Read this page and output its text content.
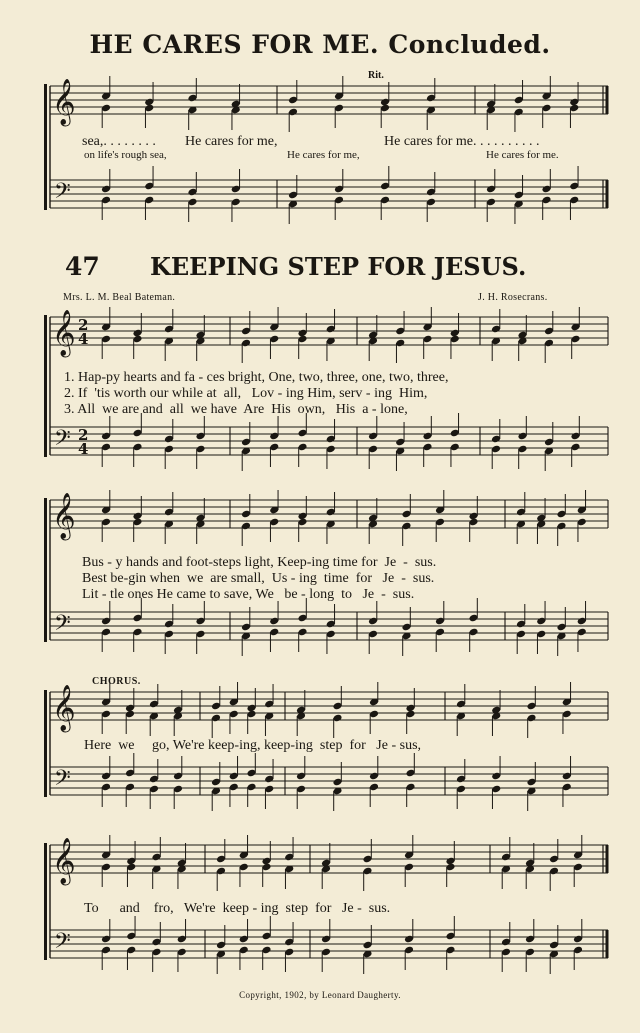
HE CARES FOR ME. Concluded.
47 KEEPING STEP FOR JESUS.
Mrs. L. M. Beal Bateman.	J. H. Rosecrans.
Rit.
sea,. . . . . . . . He cares for me,	He cares for me. . . . . . . . . .
on life's rough sea,	He cares for me,	He cares for me.
1. Hap-py hearts and fa - ces bright, One, two, three, one, two, three,
2. If  'tis worth our while at  all,   Lov - ing Him, serv - ing  Him,
3. All  we are and  all  we have  Are  His  own,   His  a - lone,
Bus - y hands and foot-steps light, Keep-ing time for  Je  -  sus.
Best be-gin when  we  are small,  Us - ing  time  for   Je  -  sus.
Lit - tle ones He came to save, We   be - long  to   Je  -  sus.
CHORUS.
Here  we     go, We're keep-ing, keep-ing  step  for   Je - sus,
To      and    fro,   We're  keep - ing  step  for   Je -  sus.
Copyright, 1902, by Leonard Daugherty.
𝄞
𝄢
𝄞
𝄢
𝄞
𝄢
𝄞
𝄢
𝄞
𝄢
2
4
2
4
